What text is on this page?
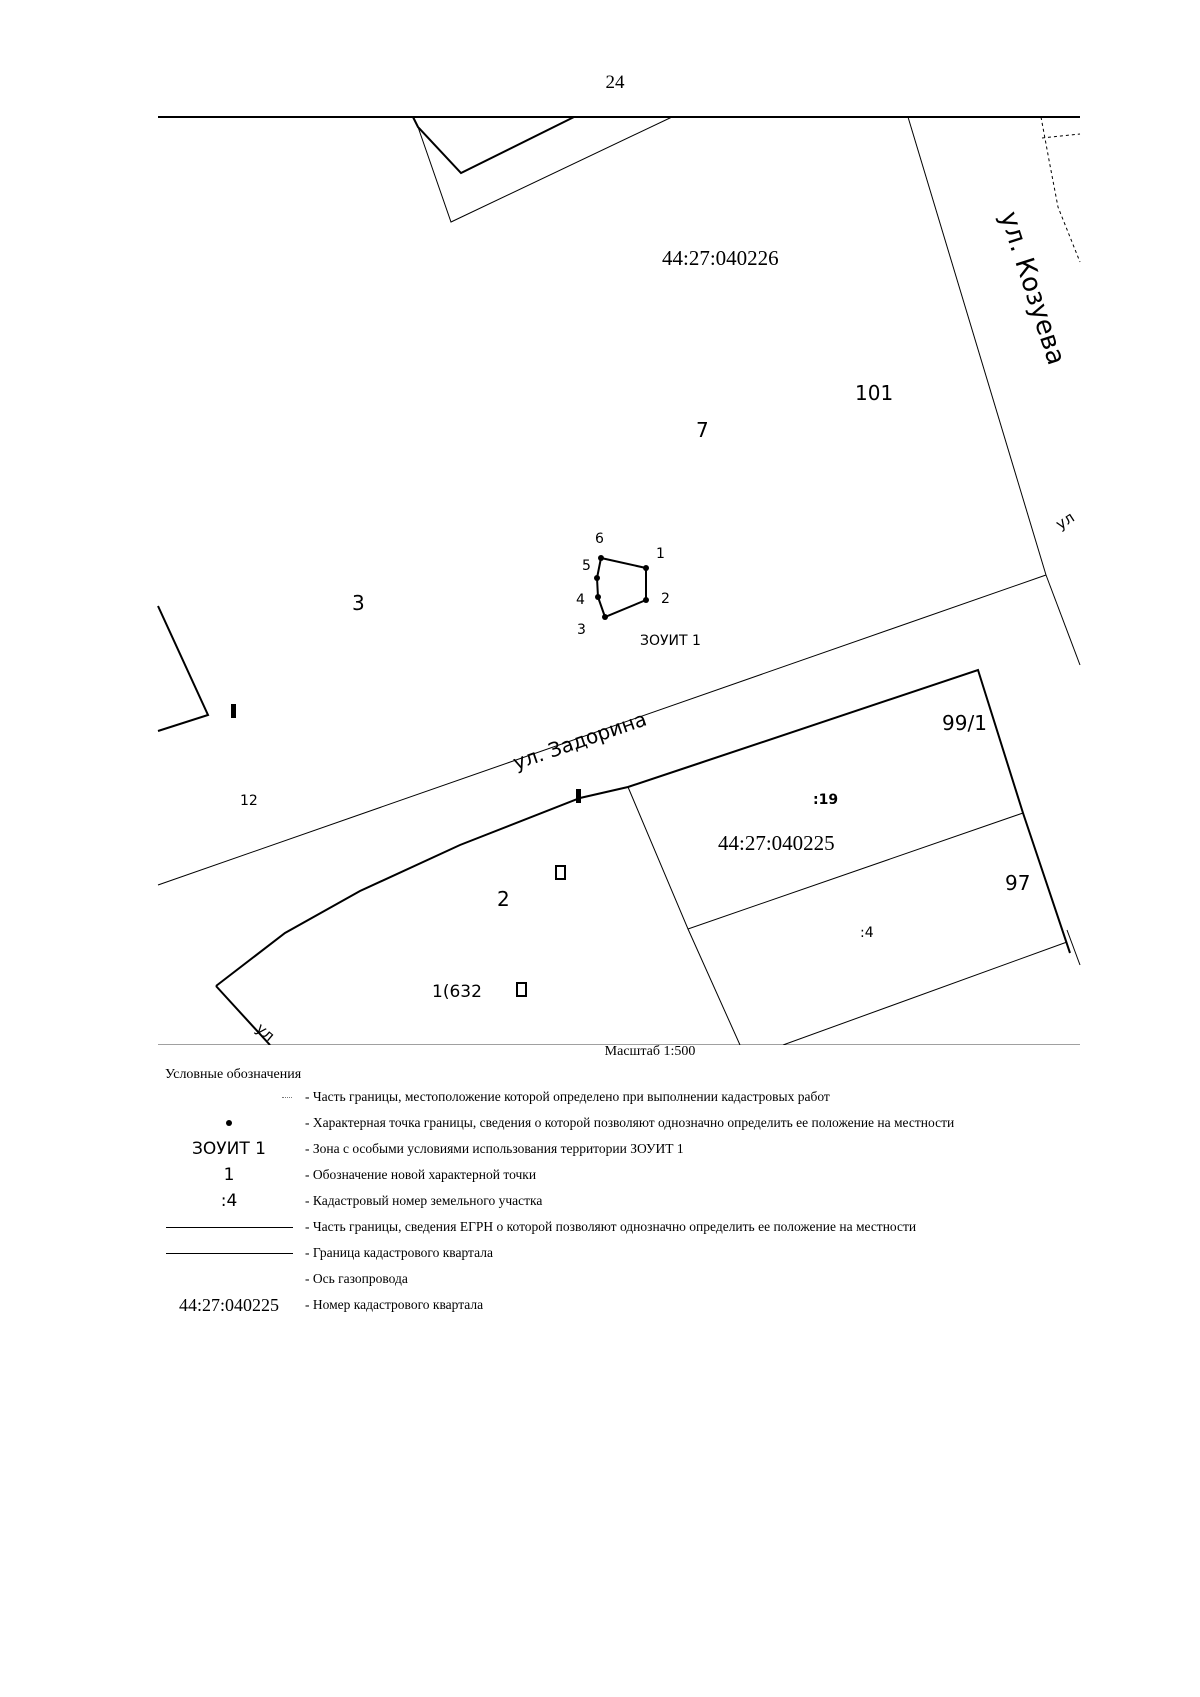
24
44:27:040226
44:27:040225
ул. Козуева
ул. Задорина
ул
ул
101
7
3
99/1
12	:19
97
2
:4
1(632
ЗОУИТ 1
1
2
3
4
5
6
Масштаб 1:500
Условные обозначения
- Часть границы, местоположение которой определено при выполнении кадастровых работ
- Характерная точка границы, сведения о которой позволяют однозначно определить ее положение на местности
ЗОУИТ 1	- Зона с особыми условиями использования территории ЗОУИТ 1
1	- Обозначение новой характерной точки
:4	- Кадастровый номер земельного участка
- Часть границы, сведения ЕГРН о которой позволяют однозначно определить ее положение на местности
- Граница кадастрового квартала
- Ось газопровода
44:27:040225	- Номер кадастрового квартала
